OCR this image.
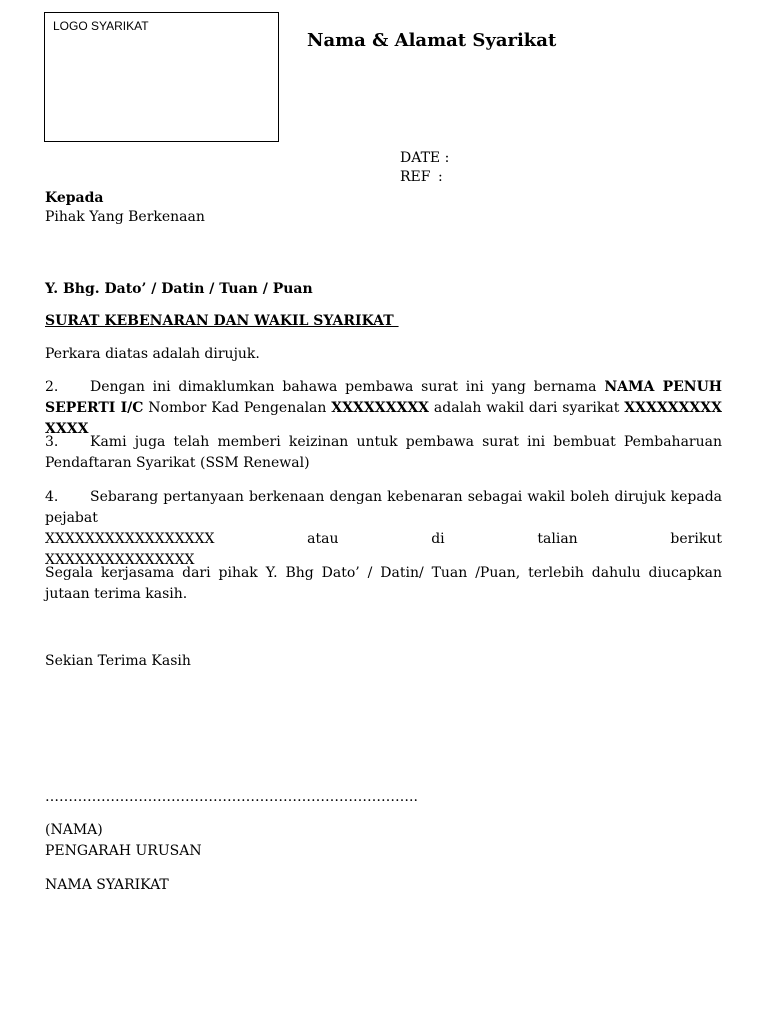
LOGO SYARIKAT
Nama & Alamat Syarikat
DATE :
REF :

Kepada

Pihak Yang Berkenaan

Y. Bhg. Dato’ / Datin / Tuan / Puan

SURAT KEBENARAN DAN WAKIL SYARIKAT

Perkara diatas adalah dirujuk.

2. Dengan ini dimaklumkan bahawa pembawa surat ini yang bernama NAMA PENUH SEPERTI I/C Nombor Kad Pengenalan XXXXXXXXX adalah wakil dari syarikat XXXXXXXXX XXXX

3. Kami juga telah memberi keizinan untuk pembawa surat ini bembuat Pembaharuan Pendaftaran Syarikat (SSM Renewal)

4. Sebarang pertanyaan berkenaan dengan kebenaran sebagai wakil boleh dirujuk kepada pejabat
XXXXXXXXXXXXXXXXX	atau	di	talian	berikut
XXXXXXXXXXXXXXX

Segala kerjasama dari pihak Y. Bhg Dato’ / Datin/ Tuan /Puan, terlebih dahulu diucapkan jutaan terima kasih.

Sekian Terima Kasih

……………………………………………………………………..

(NAMA)

PENGARAH URUSAN

NAMA SYARIKAT
